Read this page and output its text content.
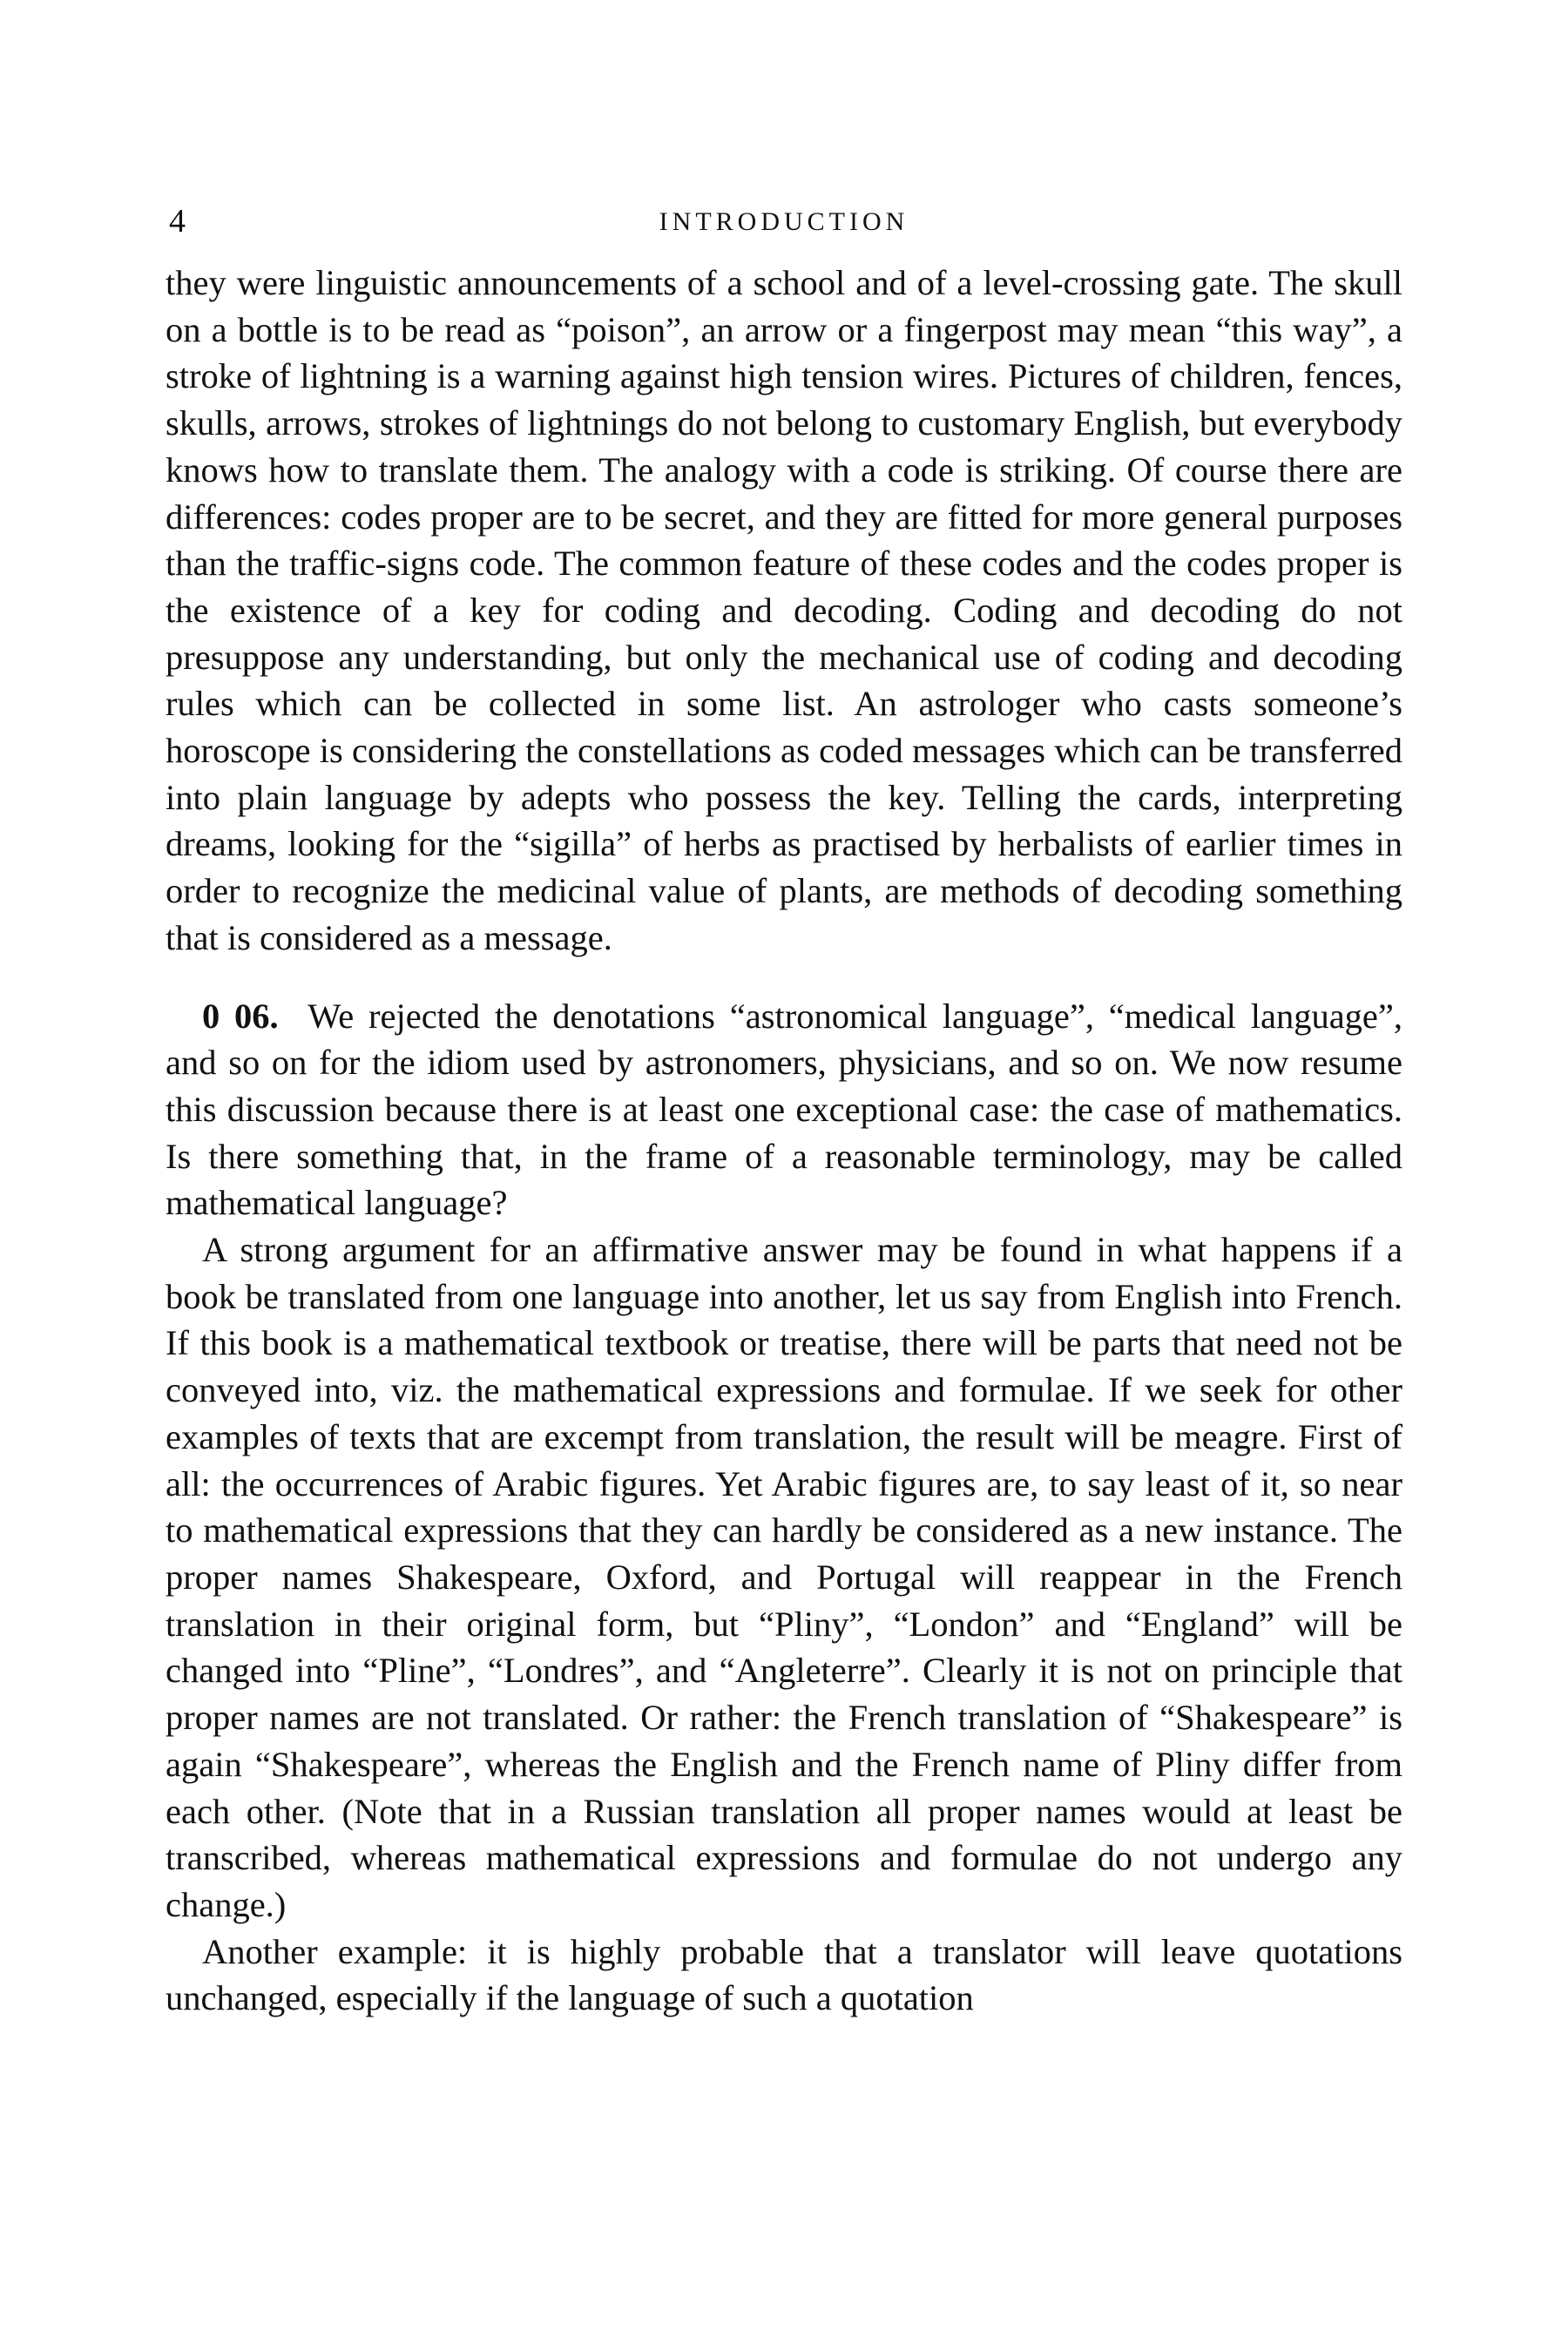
4	INTRODUCTION

they were linguistic announcements of a school and of a level-crossing gate. The skull on a bottle is to be read as “poison”, an arrow or a fingerpost may mean “this way”, a stroke of lightning is a warning against high tension wires. Pictures of children, fences, skulls, arrows, strokes of lightnings do not belong to customary English, but everybody knows how to translate them. The analogy with a code is striking. Of course there are differences: codes proper are to be secret, and they are fitted for more general purposes than the traffic-signs code. The common feature of these codes and the codes proper is the existence of a key for coding and decoding. Coding and decoding do not presuppose any understanding, but only the mechanical use of coding and decoding rules which can be collected in some list. An astrologer who casts someone’s horoscope is considering the constellations as coded messages which can be transferred into plain language by adepts who possess the key. Telling the cards, interpreting dreams, looking for the “sigilla” of herbs as practised by herbalists of earlier times in order to recognize the medicinal value of plants, are methods of decoding something that is considered as a message.

0 06. We rejected the denotations “astronomical language”, “medical language”, and so on for the idiom used by astronomers, physicians, and so on. We now resume this discussion because there is at least one exceptional case: the case of mathematics. Is there something that, in the frame of a reasonable terminology, may be called mathematical language?

A strong argument for an affirmative answer may be found in what happens if a book be translated from one language into another, let us say from English into French. If this book is a mathematical textbook or treatise, there will be parts that need not be conveyed into, viz. the mathematical expressions and formulae. If we seek for other examples of texts that are excempt from translation, the result will be meagre. First of all: the occurrences of Arabic figures. Yet Arabic figures are, to say least of it, so near to mathematical expressions that they can hardly be considered as a new instance. The proper names Shakespeare, Oxford, and Portugal will reappear in the French translation in their original form, but “Pliny”, “London” and “England” will be changed into “Pline”, “Londres”, and “Angleterre”. Clearly it is not on principle that proper names are not translated. Or rather: the French translation of “Shakespeare” is again “Shakespeare”, whereas the English and the French name of Pliny differ from each other. (Note that in a Russian translation all proper names would at least be transcribed, whereas mathematical expressions and formulae do not undergo any change.)

Another example: it is highly probable that a translator will leave quotations unchanged, especially if the language of such a quotation
